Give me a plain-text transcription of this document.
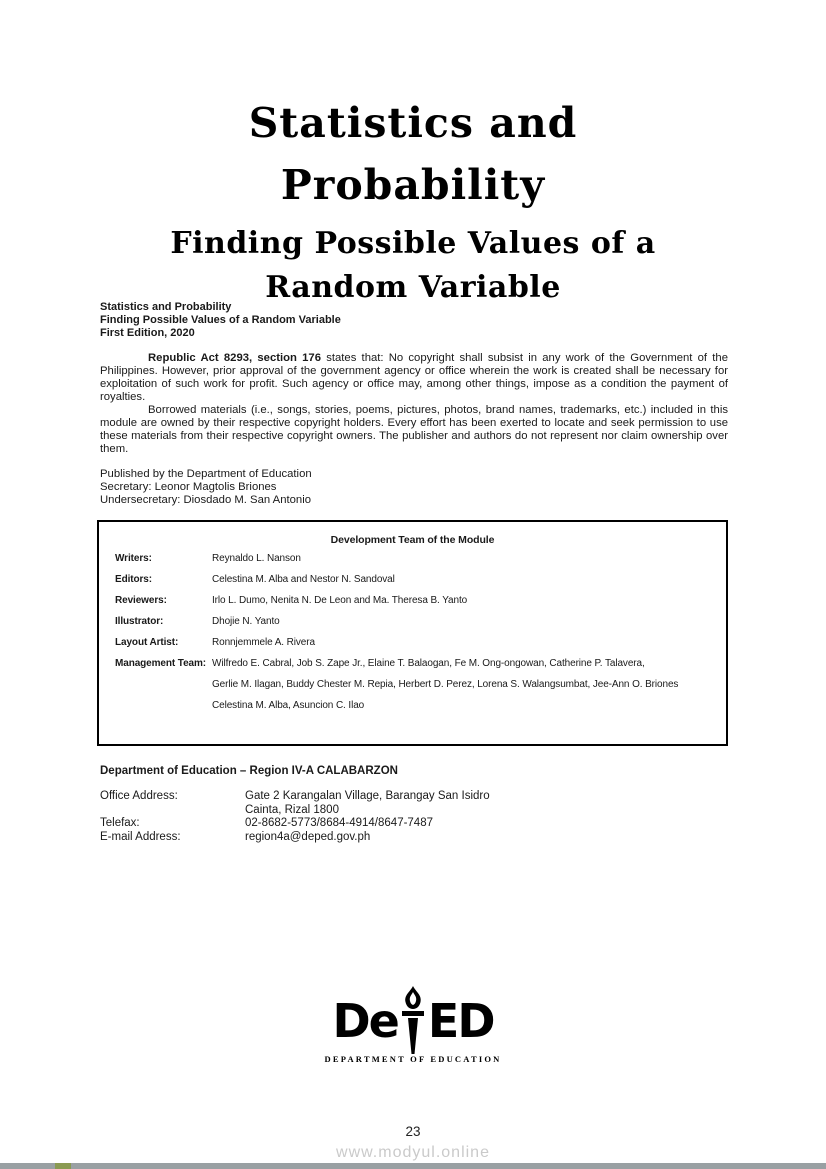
Statistics and
Probability
Finding Possible Values of a
Random Variable
Statistics and Probability
Finding Possible Values of a Random Variable
First Edition, 2020

Republic Act 8293, section 176 states that: No copyright shall subsist in any work of the Government of the Philippines. However, prior approval of the government agency or office wherein the work is created shall be necessary for exploitation of such work for profit. Such agency or office may, among other things, impose as a condition the payment of royalties.

Borrowed materials (i.e., songs, stories, poems, pictures, photos, brand names, trademarks, etc.) included in this module are owned by their respective copyright holders. Every effort has been exerted to locate and seek permission to use these materials from their respective copyright owners. The publisher and authors do not represent nor claim ownership over them.

Published by the Department of Education
Secretary: Leonor Magtolis Briones
Undersecretary: Diosdado M. San Antonio
Development Team of the Module
Writers:	Reynaldo L. Nanson
Editors:	Celestina M. Alba and Nestor N. Sandoval
Reviewers:	Irlo L. Dumo, Nenita N. De Leon and Ma. Theresa B. Yanto
Illustrator:	Dhojie N. Yanto
Layout Artist:	Ronnjemmele A. Rivera
Management Team: Wilfredo E. Cabral, Job S. Zape Jr., Elaine T. Balaogan, Fe M. Ong-ongowan, Catherine P. Talavera,
Gerlie M. Ilagan, Buddy Chester M. Repia, Herbert D. Perez, Lorena S. Walangsumbat, Jee-Ann O. Briones
Celestina M. Alba, Asuncion C. Ilao
Department of Education – Region IV-A CALABARZON
Office Address:	Gate 2 Karangalan Village, Barangay San Isidro
Cainta, Rizal 1800
Telefax:	02-8682-5773/8684-4914/8647-7487
E-mail Address:	region4a@deped.gov.ph
De ED
DEPARTMENT OF EDUCATION
23
www.modyul.online
